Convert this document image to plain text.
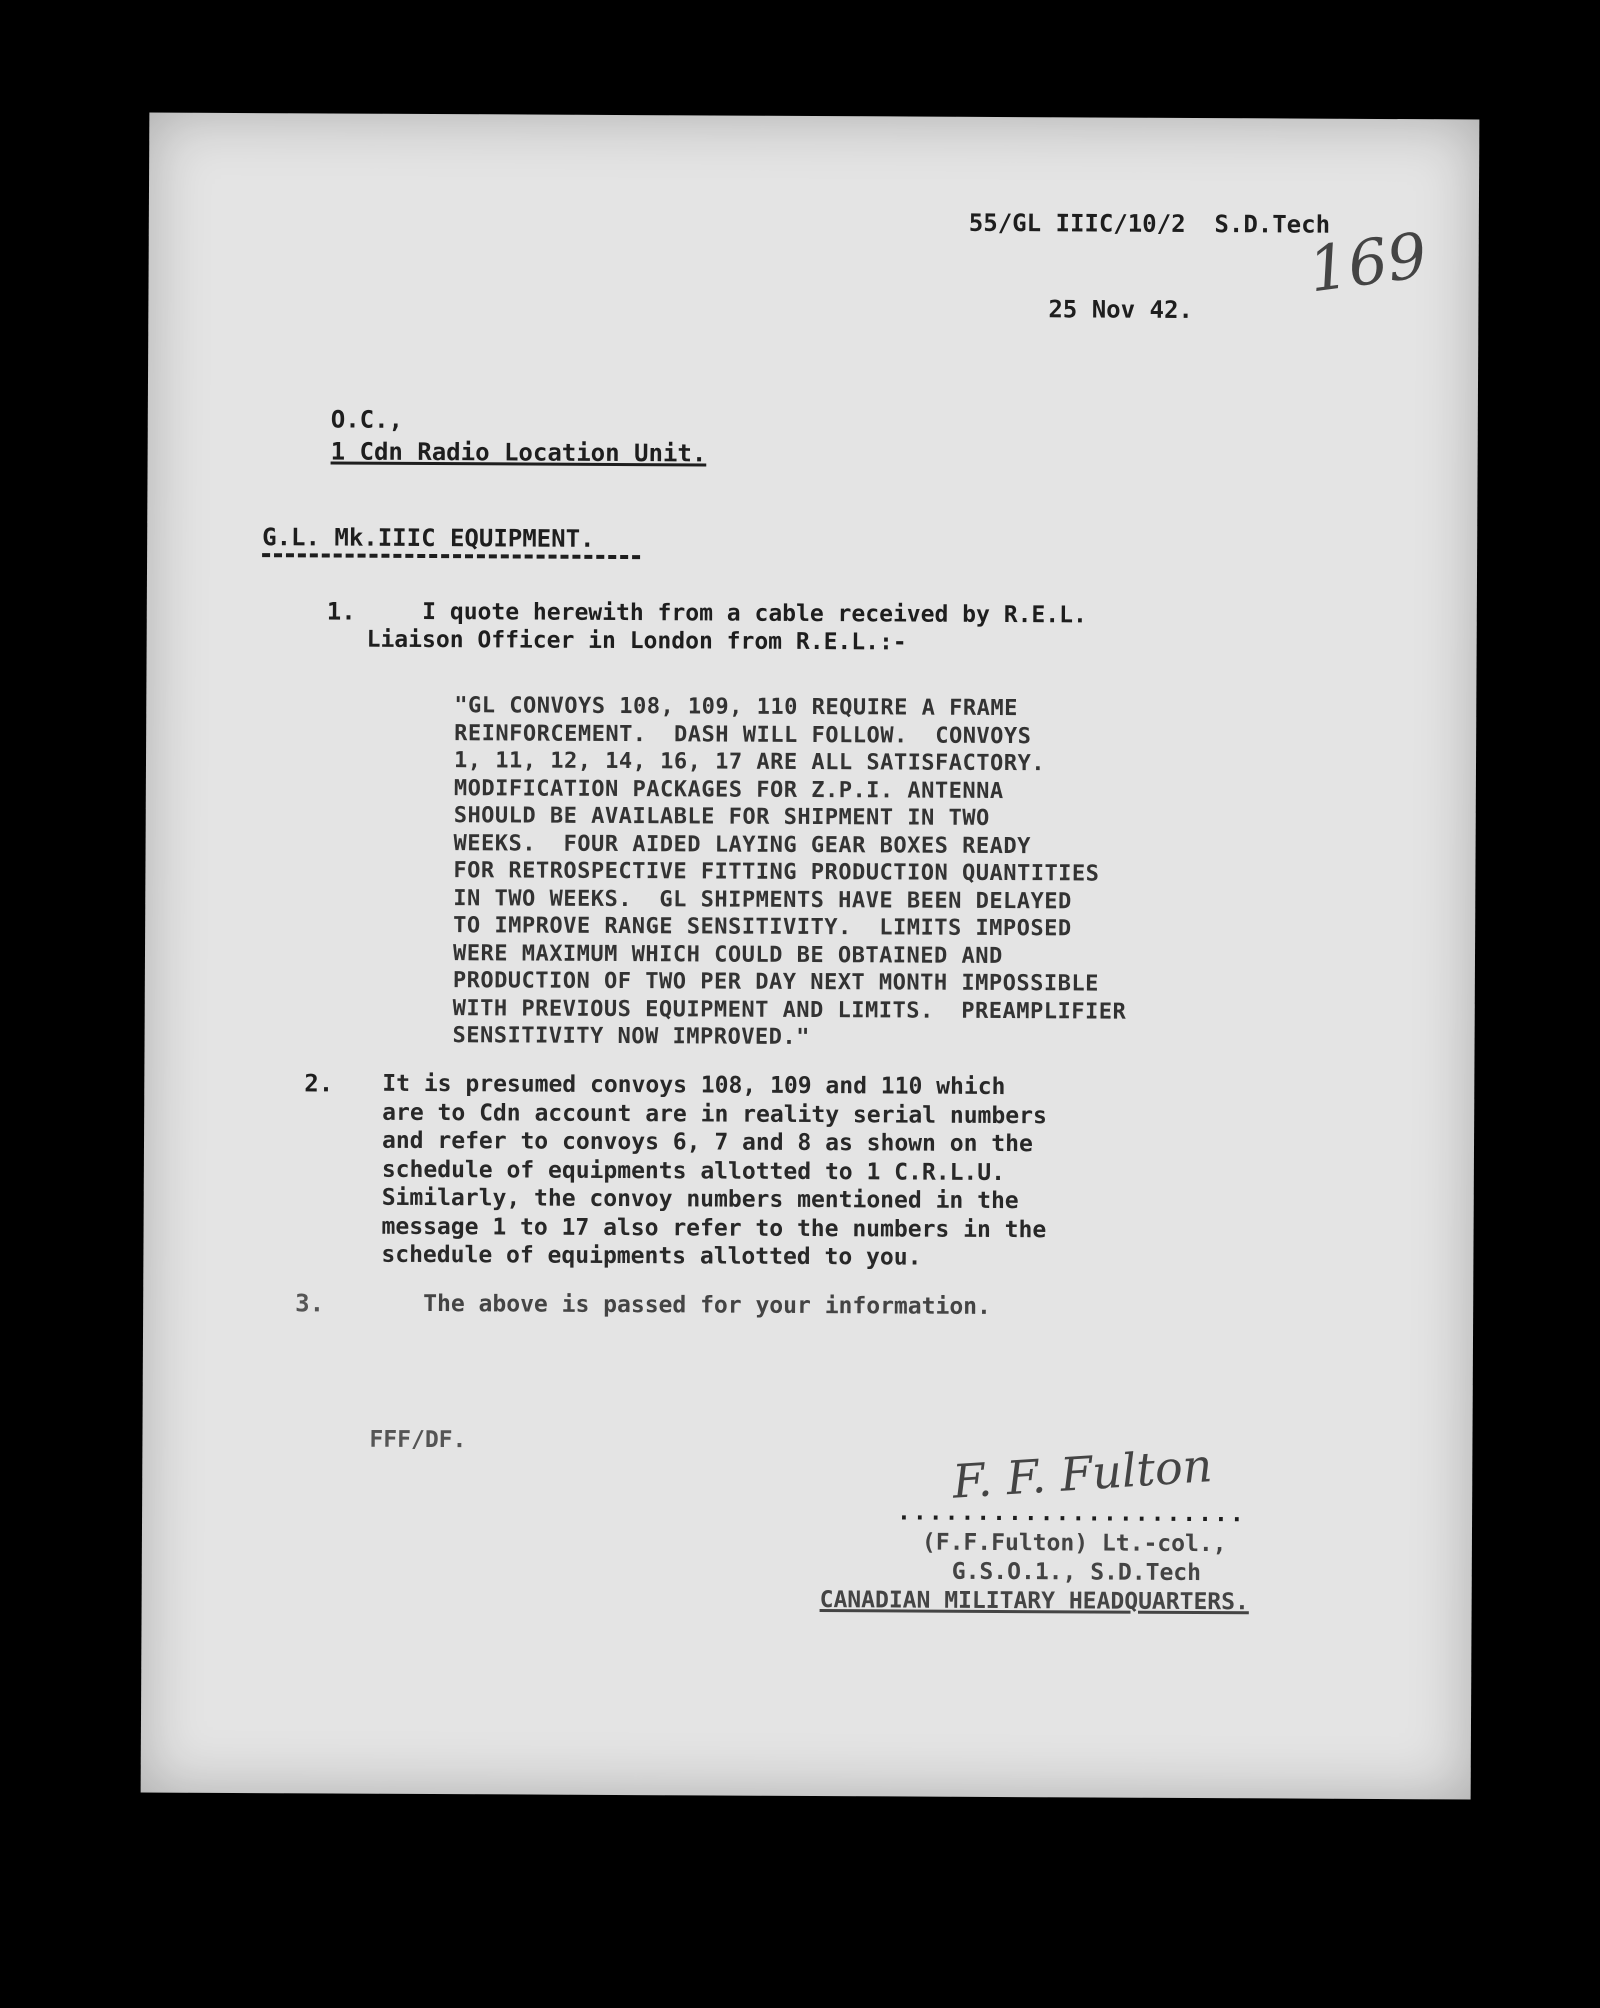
55/GL IIIC/10/2  S.D.Tech
25 Nov 42.
169
O.C.,
1 Cdn Radio Location Unit.
G.L. Mk.IIIC EQUIPMENT.
1. I quote herewith from a cable received by R.E.L.
Liaison Officer in London from R.E.L.:-
"GL CONVOYS 108, 109, 110 REQUIRE A FRAME
REINFORCEMENT.  DASH WILL FOLLOW.  CONVOYS
1, 11, 12, 14, 16, 17 ARE ALL SATISFACTORY.
MODIFICATION PACKAGES FOR Z.P.I. ANTENNA
SHOULD BE AVAILABLE FOR SHIPMENT IN TWO
WEEKS.  FOUR AIDED LAYING GEAR BOXES READY
FOR RETROSPECTIVE FITTING PRODUCTION QUANTITIES
IN TWO WEEKS.  GL SHIPMENTS HAVE BEEN DELAYED
TO IMPROVE RANGE SENSITIVITY.  LIMITS IMPOSED
WERE MAXIMUM WHICH COULD BE OBTAINED AND
PRODUCTION OF TWO PER DAY NEXT MONTH IMPOSSIBLE
WITH PREVIOUS EQUIPMENT AND LIMITS.  PREAMPLIFIER
SENSITIVITY NOW IMPROVED."
2. It is presumed convoys 108, 109 and 110 which
are to Cdn account are in reality serial numbers
and refer to convoys 6, 7 and 8 as shown on the
schedule of equipments allotted to 1 C.R.L.U.
Similarly, the convoy numbers mentioned in the
message 1 to 17 also refer to the numbers in the
schedule of equipments allotted to you.
3.	The above is passed for your information.
FFF/DF.	F. F. Fulton
......................
(F.F.Fulton) Lt.-col.,
G.S.O.1., S.D.Tech
CANADIAN MILITARY HEADQUARTERS.
